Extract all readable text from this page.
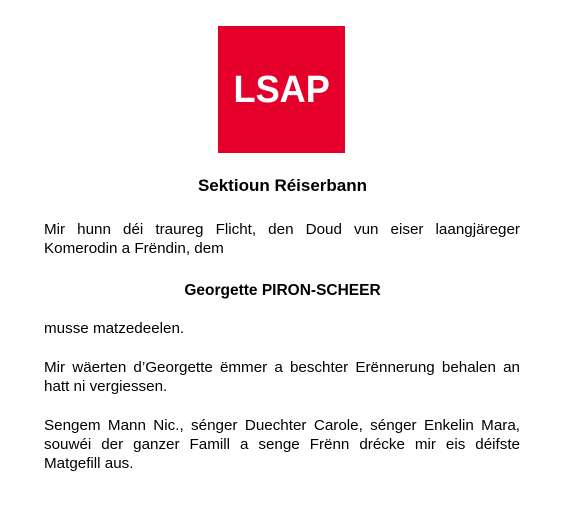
LSAP
Sektioun Réiserbann

Mir hunn déi traureg Flicht, den Doud vun eiser laangjäreger Komerodin a Frëndin, dem

Georgette PIRON-SCHEER

musse matzedeelen.

Mir wäerten d’Georgette ëmmer a beschter Erënnerung behalen an hatt ni vergiessen.

Sengem Mann Nic., sénger Duechter Carole, sénger Enkelin Mara, souwéi der ganzer Famill a senge Frënn drécke mir eis déifste Matgefill aus.
